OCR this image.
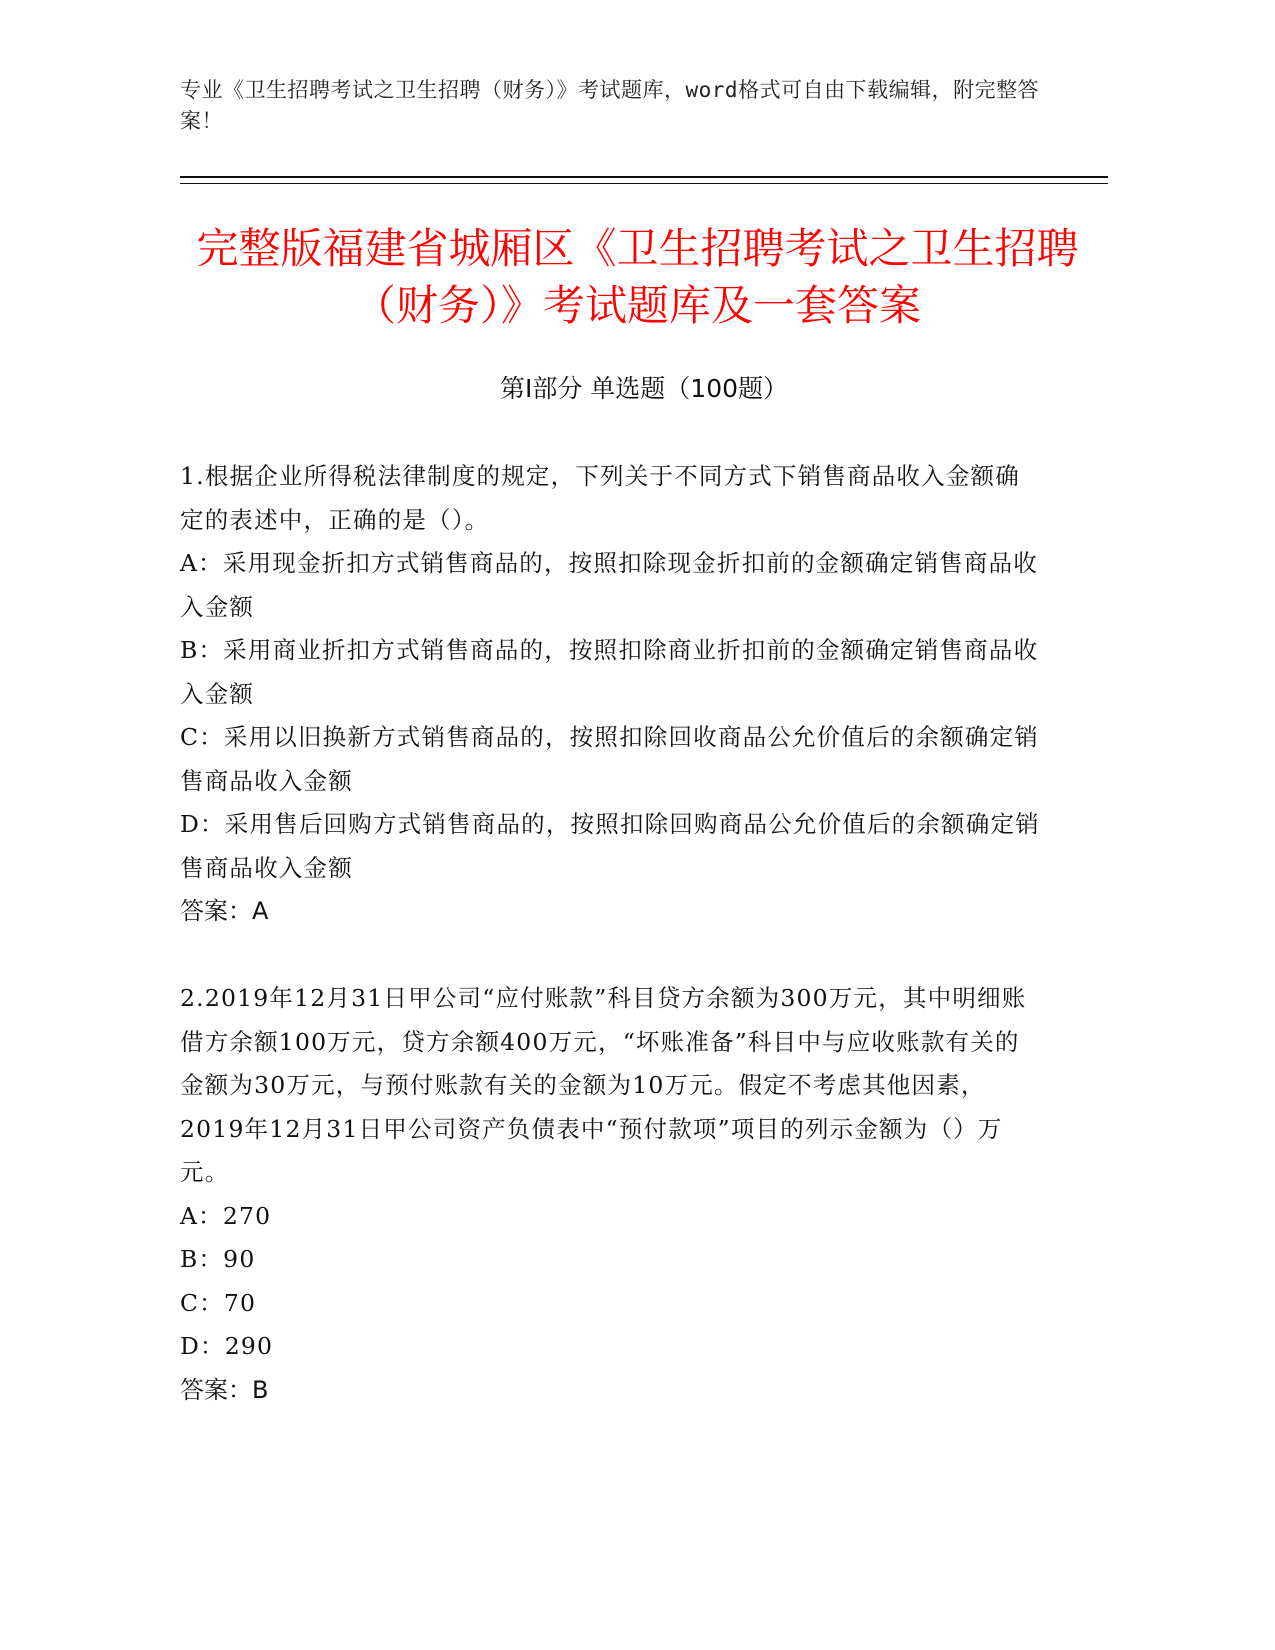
专业《卫生招聘考试之卫生招聘（财务）》考试题库，word格式可自由下载编辑，附完整答案！
完整版福建省城厢区《卫生招聘考试之卫生招聘（财务）》考试题库及一套答案
第I部分 单选题（100题）
1.根据企业所得税法律制度的规定，下列关于不同方式下销售商品收入金额确定的表述中，正确的是（）。
A：采用现金折扣方式销售商品的，按照扣除现金折扣前的金额确定销售商品收入金额
B：采用商业折扣方式销售商品的，按照扣除商业折扣前的金额确定销售商品收入金额
C：采用以旧换新方式销售商品的，按照扣除回收商品公允价值后的余额确定销售商品收入金额
D：采用售后回购方式销售商品的，按照扣除回购商品公允价值后的余额确定销售商品收入金额
答案：A
2.2019年12月31日甲公司“应付账款”科目贷方余额为300万元，其中明细账借方余额100万元，贷方余额400万元，“坏账准备”科目中与应收账款有关的金额为30万元，与预付账款有关的金额为10万元。假定不考虑其他因素，2019年12月31日甲公司资产负债表中“预付款项”项目的列示金额为（）万元。
A：270
B：90
C：70
D：290
答案：B
